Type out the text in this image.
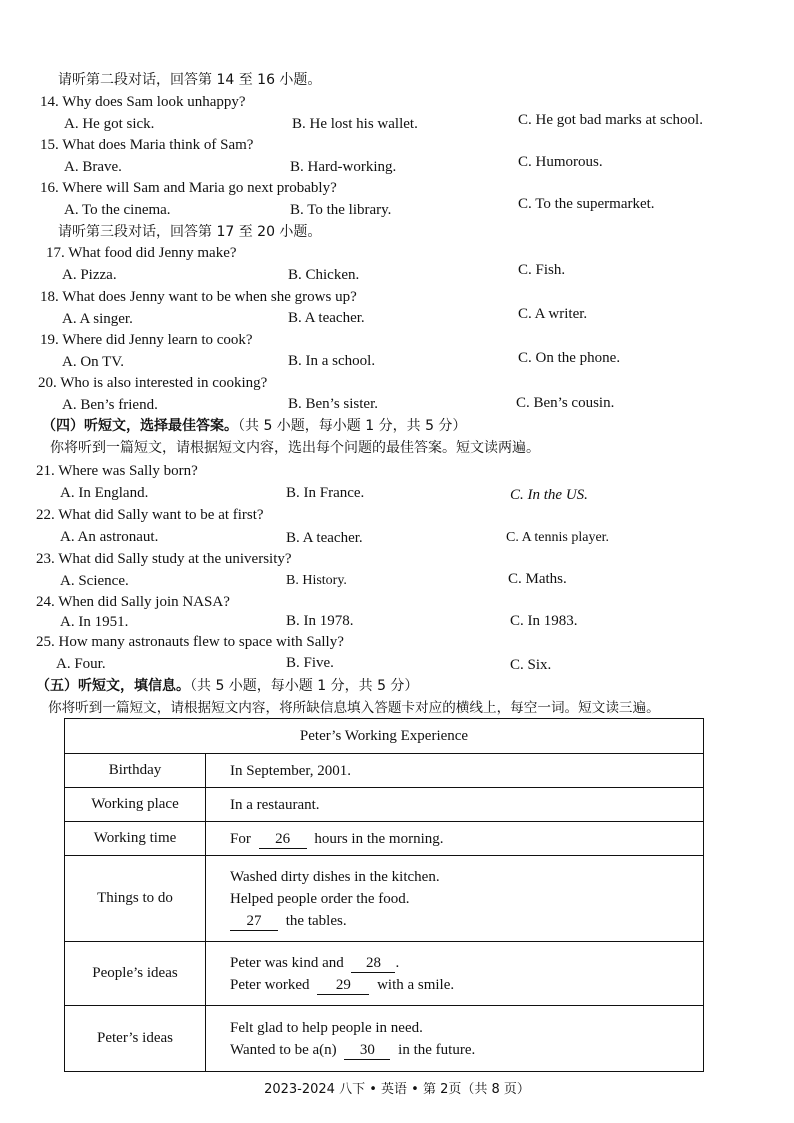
请听第二段对话，回答第 14 至 16 小题。
14. Why does Sam look unhappy?
A. He got sick.	B. He lost his wallet.	C. He got bad marks at school.
15. What does Maria think of Sam?
A. Brave.	B. Hard-working.	C. Humorous.
16. Where will Sam and Maria go next probably?
A. To the cinema.	B. To the library.	C. To the supermarket.
请听第三段对话，回答第 17 至 20 小题。
17. What food did Jenny make?
A. Pizza.	B. Chicken.	C. Fish.
18. What does Jenny want to be when she grows up?
A. A singer.	B. A teacher.	C. A writer.
19. Where did Jenny learn to cook?
A. On TV.	B. In a school.	C. On the phone.
20. Who is also interested in cooking?
A. Ben’s friend.	B. Ben’s sister.	C. Ben’s cousin.
（四）听短文，选择最佳答案。（共 5 小题，每小题 1 分，共 5 分）
你将听到一篇短文，请根据短文内容，选出每个问题的最佳答案。短文读两遍。
21. Where was Sally born?
A. In England.	B. In France.	C. In the US.
22. What did Sally want to be at first?
A. An astronaut.	B. A teacher.	C. A tennis player.
23. What did Sally study at the university?
A. Science.	B. History.	C. Maths.
24. When did Sally join NASA?
A. In 1951.	B. In 1978.	C. In 1983.
25. How many astronauts flew to space with Sally?
A. Four.	B. Five.	C. Six.
（五）听短文，填信息。（共 5 小题，每小题 1 分，共 5 分）
你将听到一篇短文，请根据短文内容，将所缺信息填入答题卡对应的横线上，每空一词。短文读三遍。
Peter’s Working Experience	
Birthday	In September, 2001.
Working place	In a restaurant.
Working time	For 26 hours in the morning.
Things to do	Washed dirty dishes in the kitchen.
Helped people order the food.
27 the tables.

People’s ideas	Peter was kind and 28 .
Peter worked 29 with a smile.

Peter’s ideas	Felt glad to help people in need.
Wanted to be a(n) 30 in the future.
2023-2024 八下 • 英语 • 第 2页（共 8 页）
